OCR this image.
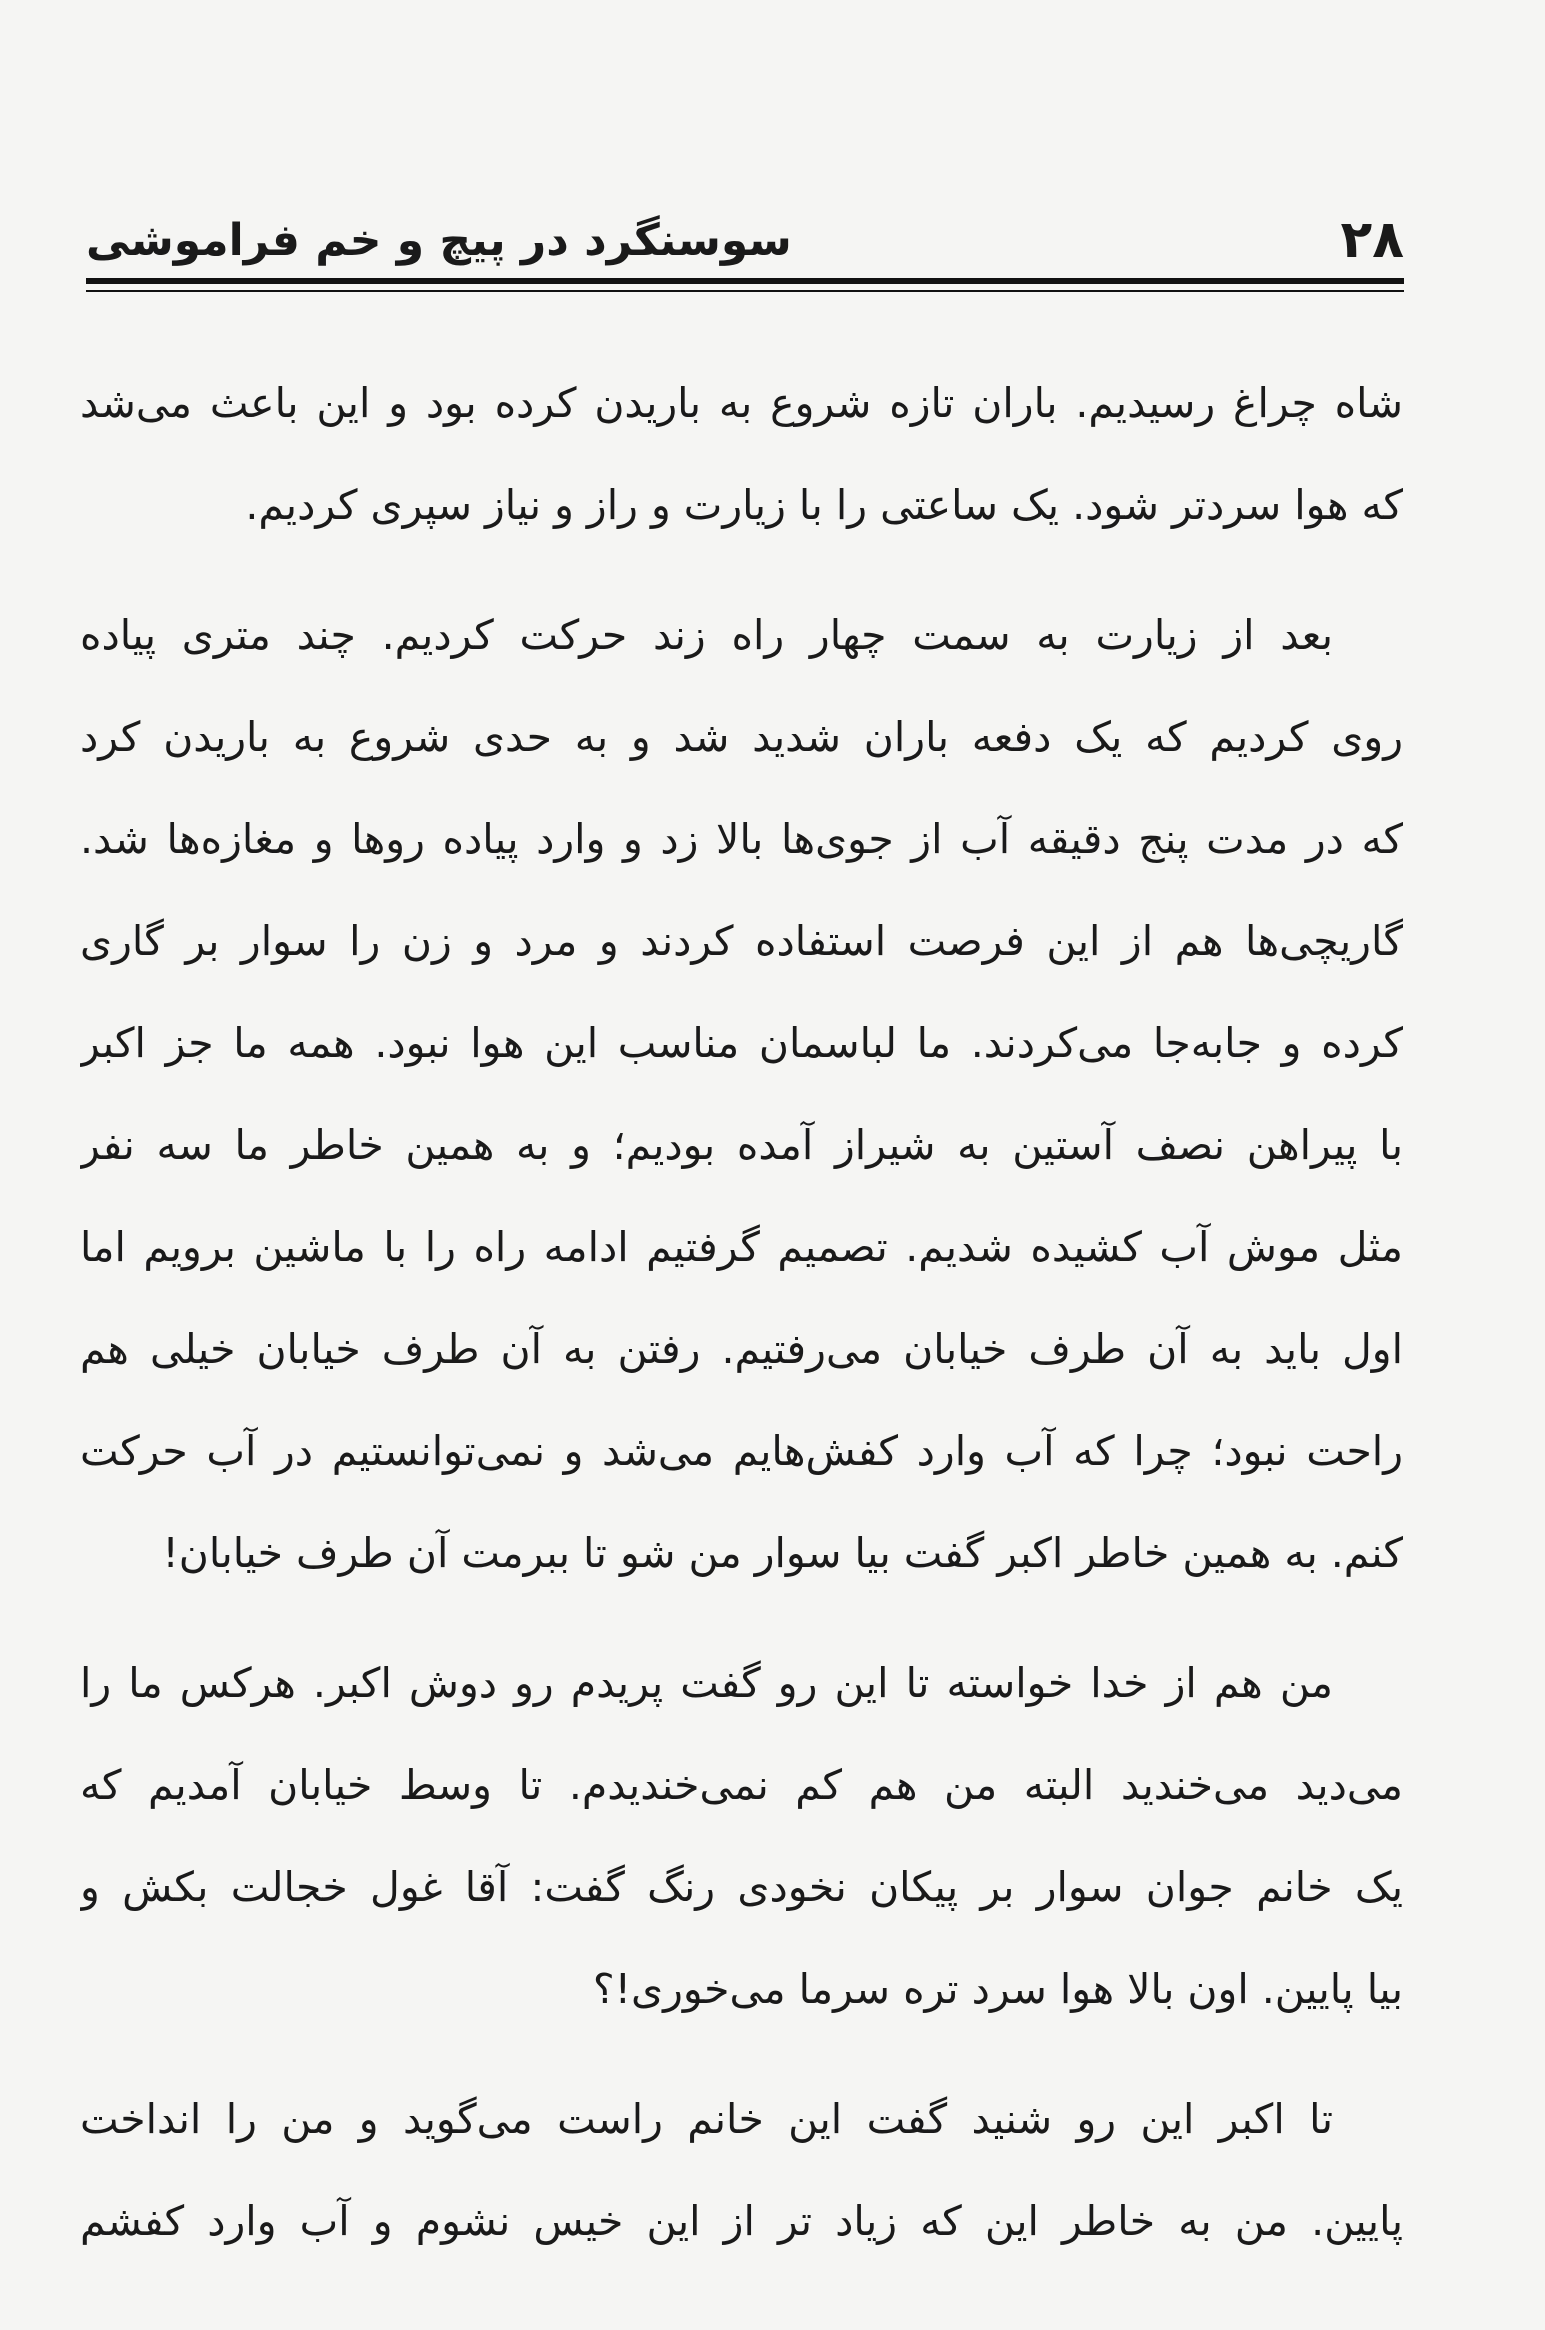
۲۸
سوسنگرد در پیچ و خم فراموشی
شاه چراغ رسیدیم. باران تازه شروع به باریدن کرده بود و این باعث می‌شد
که هوا سردتر شود. یک ساعتی را با زیارت و راز و نیاز سپری کردیم.
بعد از زیارت به سمت چهار راه زند حرکت کردیم. چند متری پیاده
روی کردیم که یک دفعه باران شدید شد و به حدی شروع به باریدن کرد
که در مدت پنج دقیقه آب از جوی‌ها بالا زد و وارد پیاده روها و مغازه‌ها شد.
گاریچی‌ها هم از این فرصت استفاده کردند و مرد و زن را سوار بر گاری
کرده و جابه‌جا می‌کردند. ما لباسمان مناسب این هوا نبود. همه ما جز اکبر
با پیراهن نصف آستین به شیراز آمده بودیم؛ و به همین خاطر ما سه نفر
مثل موش آب کشیده شدیم. تصمیم گرفتیم ادامه راه را با ماشین برویم اما
اول باید به آن طرف خیابان می‌رفتیم. رفتن به آن طرف خیابان خیلی هم
راحت نبود؛ چرا که آب وارد کفش‌هایم می‌شد و نمی‌توانستیم در آب حرکت
کنم. به همین خاطر اکبر گفت بیا سوار من شو تا ببرمت آن طرف خیابان!
من هم از خدا خواسته تا این رو گفت پریدم رو دوش اکبر. هرکس ما را
می‌دید می‌خندید البته من هم کم نمی‌خندیدم. تا وسط خیابان آمدیم که
یک خانم جوان سوار بر پیکان نخودی رنگ گفت: آقا غول خجالت بکش و
بیا پایین. اون بالا هوا سرد تره سرما می‌خوری!؟
تا اکبر این رو شنید گفت این خانم راست می‌گوید و من را انداخت
پایین. من به خاطر این که زیاد تر از این خیس نشوم و آب وارد کفشم
